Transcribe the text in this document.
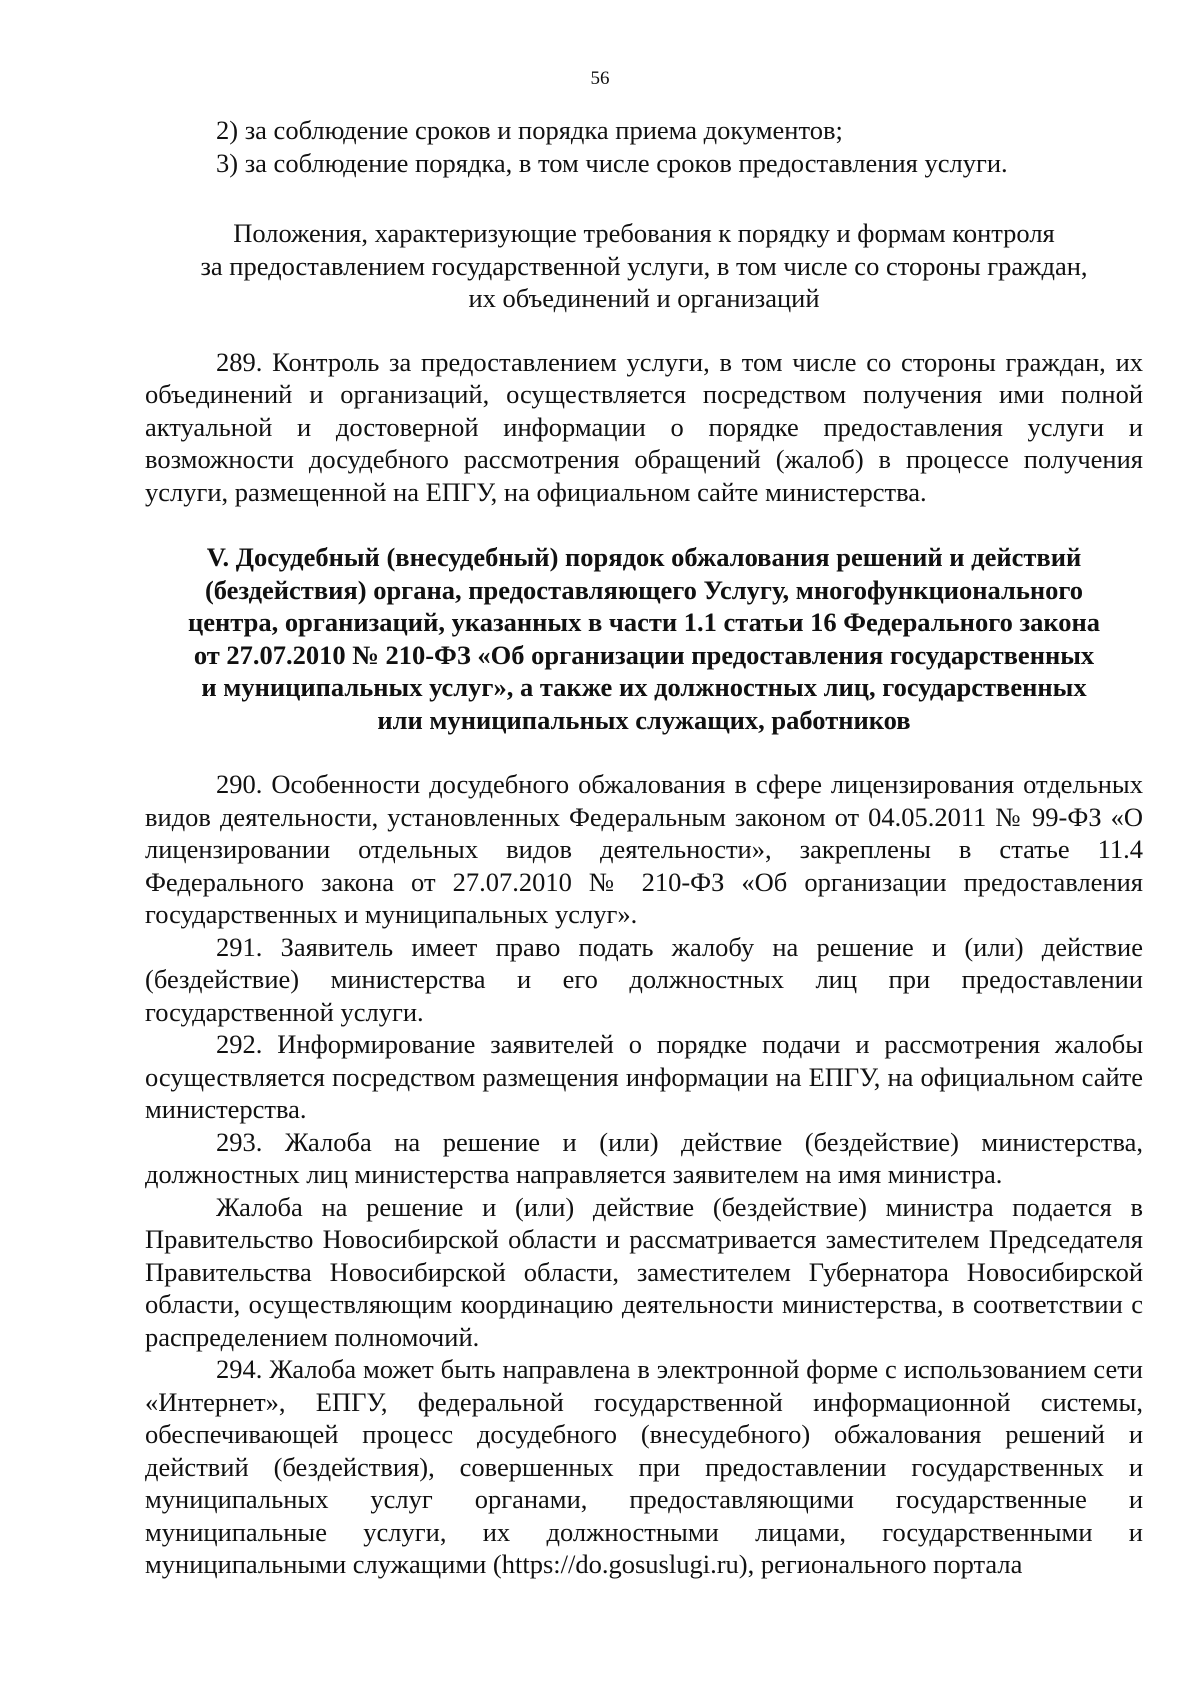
56

2) за соблюдение сроков и порядка приема документов;

3) за соблюдение порядка, в том числе сроков предоставления услуги.

Положения, характеризующие требования к порядку и формам контроля
за предоставлением государственной услуги, в том числе со стороны граждан,
их объединений и организаций

289. Контроль за предоставлением услуги, в том числе со стороны граждан, их объединений и организаций, осуществляется посредством получения ими полной актуальной и достоверной информации о порядке предоставления услуги и возможности досудебного рассмотрения обращений (жалоб) в процессе получения услуги, размещенной на ЕПГУ, на официальном сайте министерства.

V. Досудебный (внесудебный) порядок обжалования решений и действий
(бездействия) органа, предоставляющего Услугу, многофункционального
центра, организаций, указанных в части 1.1 статьи 16 Федерального закона
от 27.07.2010 № 210-ФЗ «Об организации предоставления государственных
и муниципальных услуг», а также их должностных лиц, государственных
или муниципальных служащих, работников

290. Особенности досудебного обжалования в сфере лицензирования отдельных видов деятельности, установленных Федеральным законом от 04.05.2011 № 99-ФЗ «О лицензировании отдельных видов деятельности», закреплены в статье 11.4 Федерального закона от 27.07.2010 № 210-ФЗ «Об организации предоставления государственных и муниципальных услуг».

291. Заявитель имеет право подать жалобу на решение и (или) действие (бездействие) министерства и его должностных лиц при предоставлении государственной услуги.

292. Информирование заявителей о порядке подачи и рассмотрения жалобы осуществляется посредством размещения информации на ЕПГУ, на официальном сайте министерства.

293. Жалоба на решение и (или) действие (бездействие) министерства, должностных лиц министерства направляется заявителем на имя министра.

Жалоба на решение и (или) действие (бездействие) министра подается в Правительство Новосибирской области и рассматривается заместителем Председателя Правительства Новосибирской области, заместителем Губернатора Новосибирской области, осуществляющим координацию деятельности министерства, в соответствии с распределением полномочий.

294. Жалоба может быть направлена в электронной форме с использованием сети «Интернет», ЕПГУ, федеральной государственной информационной системы, обеспечивающей процесс досудебного (внесудебного) обжалования решений и действий (бездействия), совершенных при предоставлении государственных и муниципальных услуг органами, предоставляющими государственные и муниципальные услуги, их должностными лицами, государственными и муниципальными служащими (https://do.gosuslugi.ru), регионального портала
